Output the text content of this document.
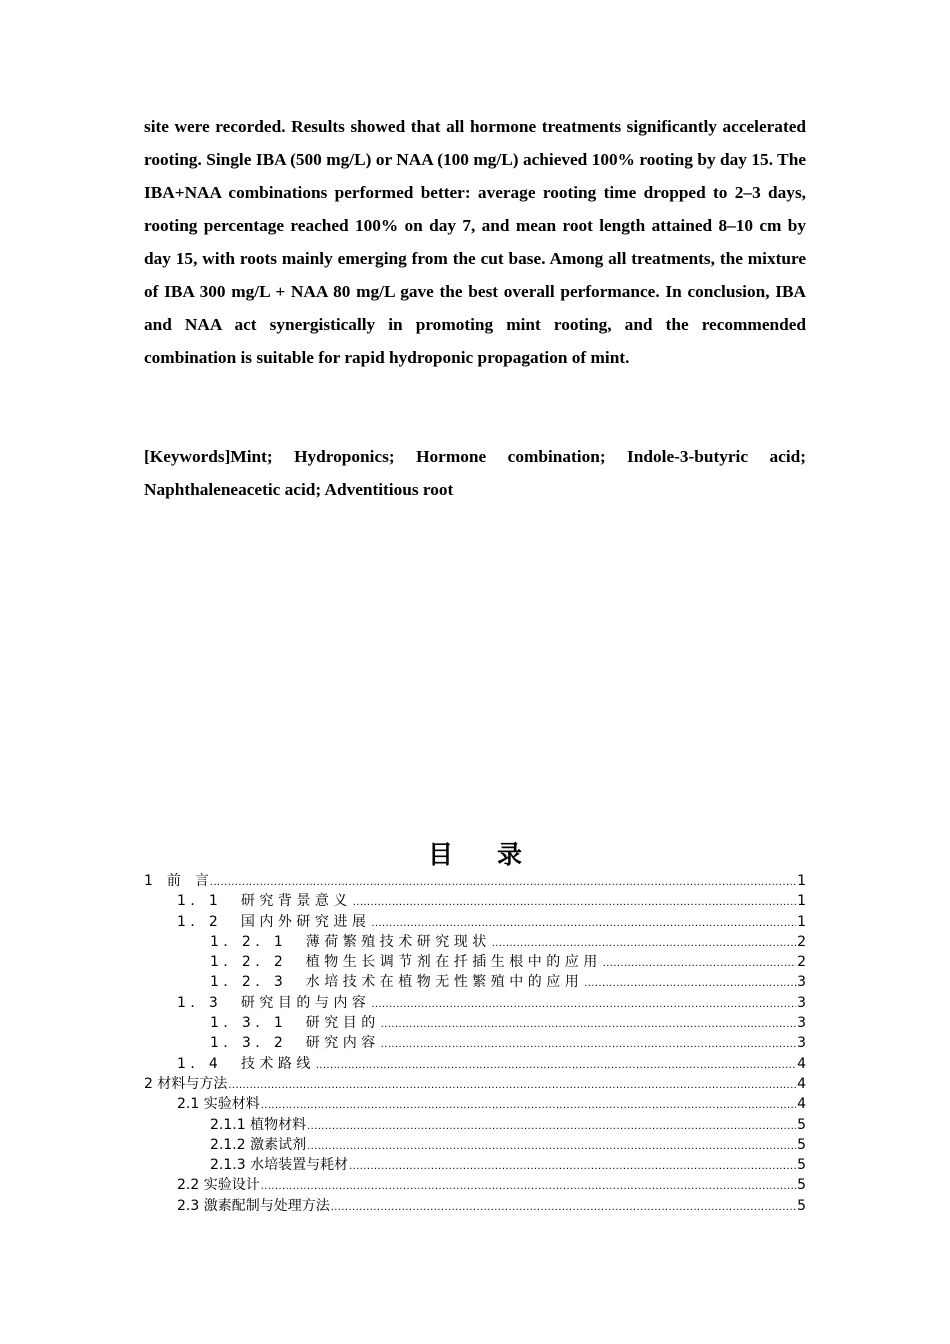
site were recorded. Results showed that all hormone treatments significantly accelerated rooting. Single IBA (500 mg/L) or NAA (100 mg/L) achieved 100% rooting by day 15. The IBA+NAA combinations performed better: average rooting time dropped to 2–3 days, rooting percentage reached 100% on day 7, and mean root length attained 8–10 cm by day 15, with roots mainly emerging from the cut base. Among all treatments, the mixture of IBA 300 mg/L + NAA 80 mg/L gave the best overall performance. In conclusion, IBA and NAA act synergistically in promoting mint rooting, and the recommended combination is suitable for rapid hydroponic propagation of mint.
[Keywords]Mint; Hydroponics; Hormone combination; Indole-3-butyric acid; Naphthaleneacetic acid; Adventitious root
目录
1　前　言 .....	1
1．1　研究背景意义 .....	1
1．2　国内外研究进展 .....	1
1．2．1　薄荷繁殖技术研究现状 .....	2
1．2．2　植物生长调节剂在扦插生根中的应用 .....	2
1．2．3　水培技术在植物无性繁殖中的应用 .....	3
1．3　研究目的与内容 .....	3
1．3．1　研究目的 .....	3
1．3．2　研究内容 .....	3
1．4　技术路线 .....	4
2 材料与方法 .....	4
2.1 实验材料 .....	4
2.1.1 植物材料 .....	5
2.1.2 激素试剂 .....	5
2.1.3 水培装置与耗材 .....	5
2.2 实验设计 .....	5
2.3 激素配制与处理方法 .....	5
